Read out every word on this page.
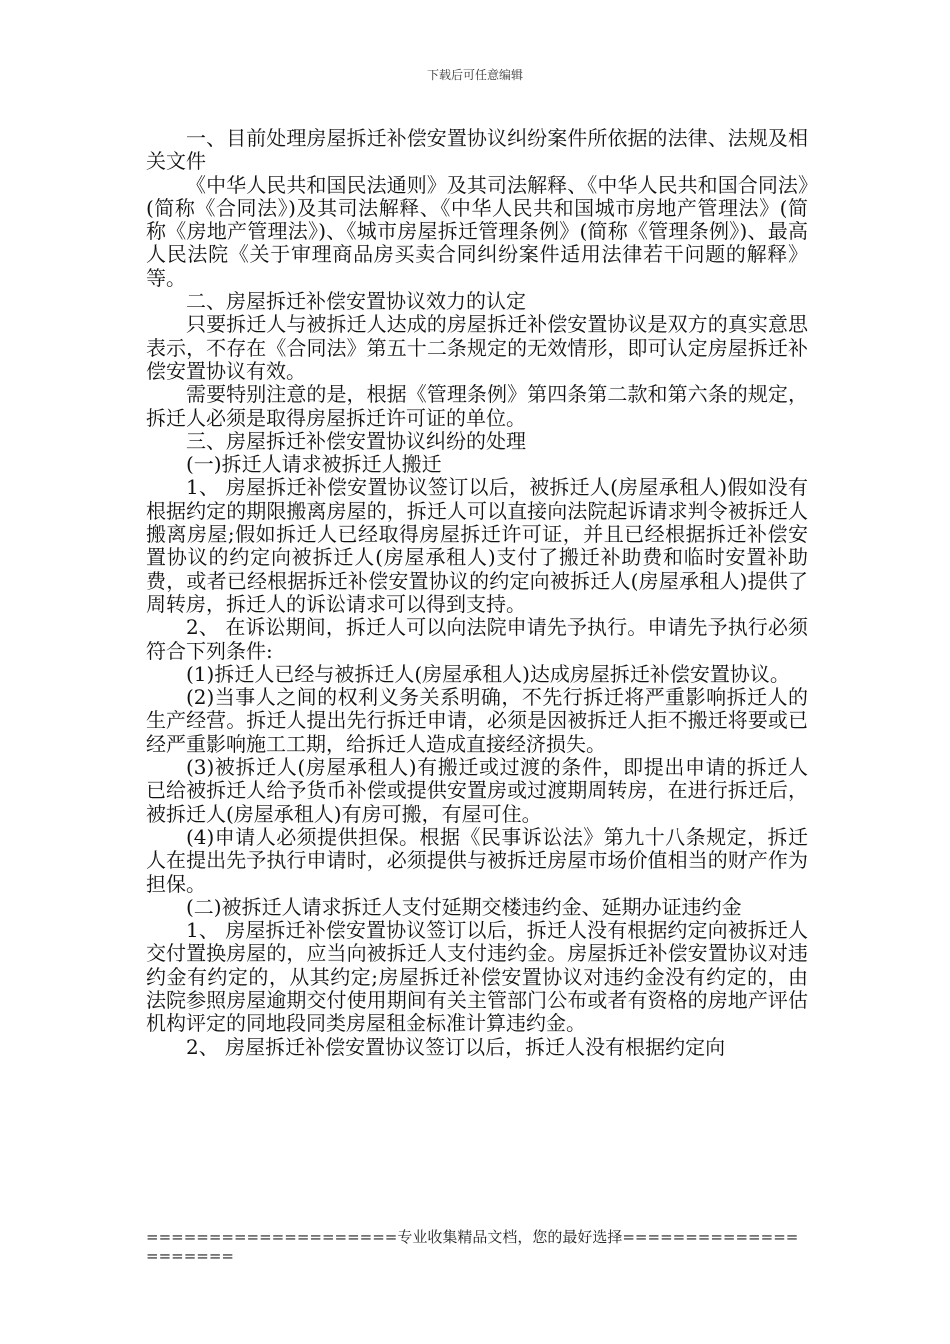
下载后可任意编辑

一、目前处理房屋拆迁补偿安置协议纠纷案件所依据的法律、法规及相关文件

《中华人民共和国民法通则》及其司法解释、《中华人民共和国合同法》(简称《合同法》)及其司法解释、《中华人民共和国城市房地产管理法》(简称《房地产管理法》)、《城市房屋拆迁管理条例》(简称《管理条例》)、最高人民法院《关于审理商品房买卖合同纠纷案件适用法律若干问题的解释》等。

二、房屋拆迁补偿安置协议效力的认定

只要拆迁人与被拆迁人达成的房屋拆迁补偿安置协议是双方的真实意思表示，不存在《合同法》第五十二条规定的无效情形，即可认定房屋拆迁补偿安置协议有效。

需要特别注意的是，根据《管理条例》第四条第二款和第六条的规定，拆迁人必须是取得房屋拆迁许可证的单位。

三、房屋拆迁补偿安置协议纠纷的处理

(一)拆迁人请求被拆迁人搬迁

1、 房屋拆迁补偿安置协议签订以后，被拆迁人(房屋承租人)假如没有根据约定的期限搬离房屋的，拆迁人可以直接向法院起诉请求判令被拆迁人搬离房屋;假如拆迁人已经取得房屋拆迁许可证，并且已经根据拆迁补偿安置协议的约定向被拆迁人(房屋承租人)支付了搬迁补助费和临时安置补助费，或者已经根据拆迁补偿安置协议的约定向被拆迁人(房屋承租人)提供了周转房，拆迁人的诉讼请求可以得到支持。

2、 在诉讼期间，拆迁人可以向法院申请先予执行。申请先予执行必须符合下列条件:

(1)拆迁人已经与被拆迁人(房屋承租人)达成房屋拆迁补偿安置协议。

(2)当事人之间的权利义务关系明确，不先行拆迁将严重影响拆迁人的生产经营。拆迁人提出先行拆迁申请，必须是因被拆迁人拒不搬迁将要或已经严重影响施工工期，给拆迁人造成直接经济损失。

(3)被拆迁人(房屋承租人)有搬迁或过渡的条件，即提出申请的拆迁人已给被拆迁人给予货币补偿或提供安置房或过渡期周转房，在进行拆迁后，被拆迁人(房屋承租人)有房可搬，有屋可住。

(4)申请人必须提供担保。根据《民事诉讼法》第九十八条规定，拆迁人在提出先予执行申请时，必须提供与被拆迁房屋市场价值相当的财产作为担保。

(二)被拆迁人请求拆迁人支付延期交楼违约金、延期办证违约金

1、 房屋拆迁补偿安置协议签订以后，拆迁人没有根据约定向被拆迁人交付置换房屋的，应当向被拆迁人支付违约金。房屋拆迁补偿安置协议对违约金有约定的，从其约定;房屋拆迁补偿安置协议对违约金没有约定的，由法院参照房屋逾期交付使用期间有关主管部门公布或者有资格的房地产评估机构评定的同地段同类房屋租金标准计算违约金。

2、 房屋拆迁补偿安置协议签订以后，拆迁人没有根据约定向

====================专业收集精品文档，您的最好选择=====================
